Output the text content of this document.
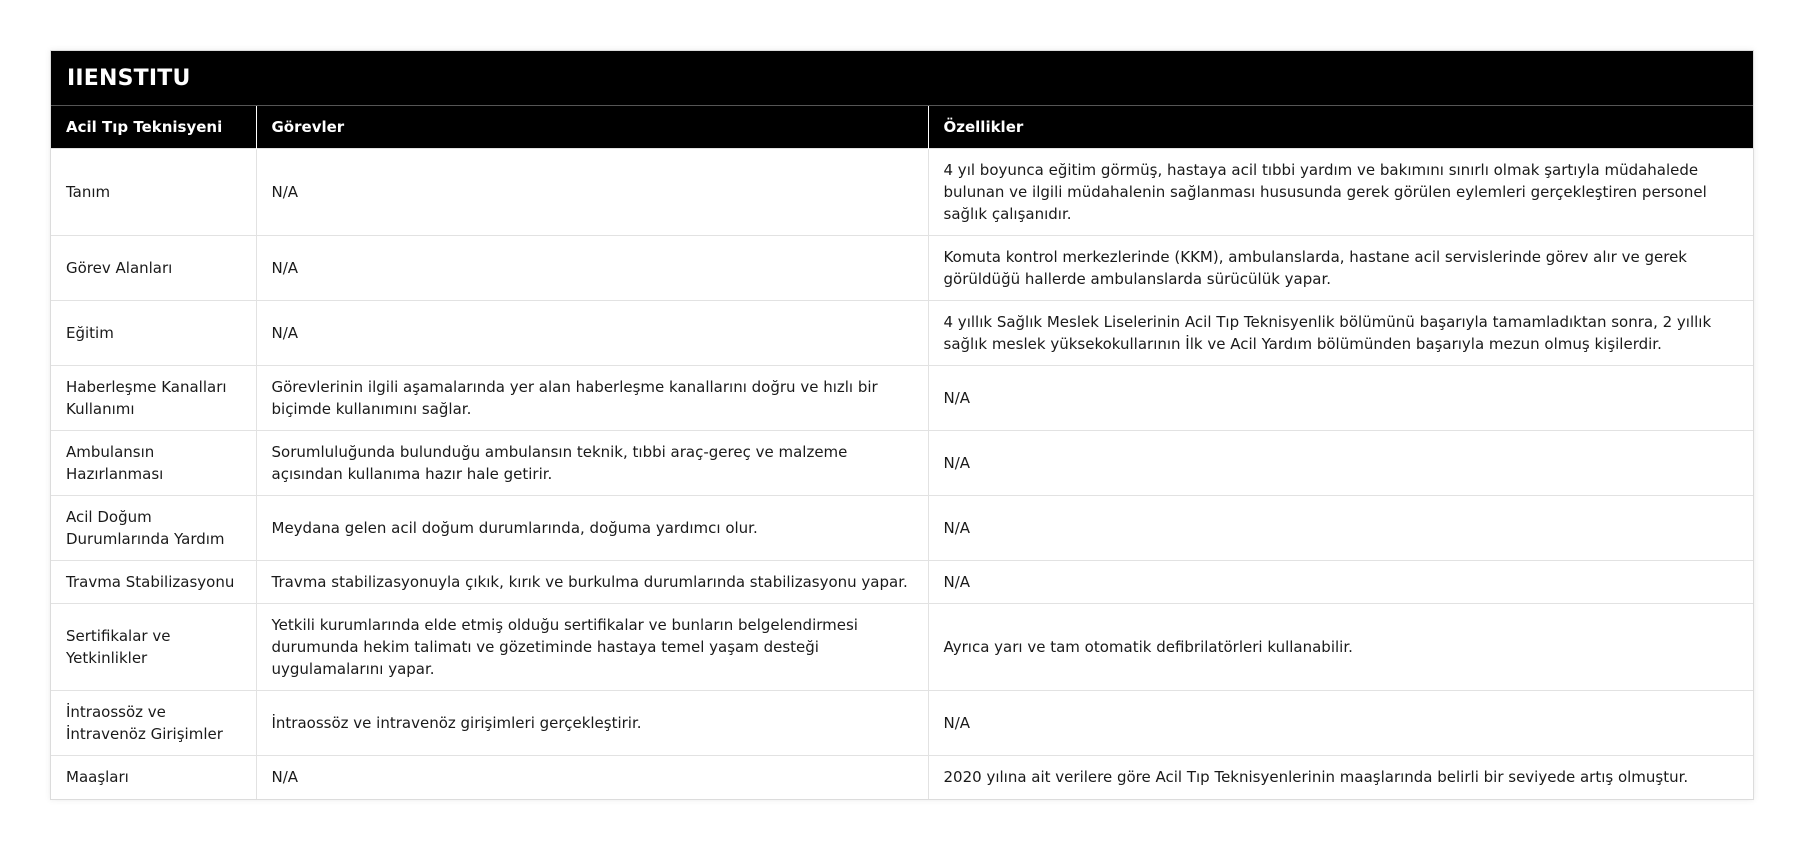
IIENSTITU
Acil Tıp Teknisyeni	Görevler	Özellikler
Tanım	N/A	4 yıl boyunca eğitim görmüş, hastaya acil tıbbi yardım ve bakımını sınırlı olmak şartıyla müdahalede bulunan ve ilgili müdahalenin sağlanması hususunda gerek görülen eylemleri gerçekleştiren personel sağlık çalışanıdır.
Görev Alanları	N/A	Komuta kontrol merkezlerinde (KKM), ambulanslarda, hastane acil servislerinde görev alır ve gerek görüldüğü hallerde ambulanslarda sürücülük yapar.
Eğitim	N/A	4 yıllık Sağlık Meslek Liselerinin Acil Tıp Teknisyenlik bölümünü başarıyla tamamladıktan sonra, 2 yıllık sağlık meslek yüksekokullarının İlk ve Acil Yardım bölümünden başarıyla mezun olmuş kişilerdir.
Haberleşme Kanalları Kullanımı	Görevlerinin ilgili aşamalarında yer alan haberleşme kanallarını doğru ve hızlı bir biçimde kullanımını sağlar.	N/A
Ambulansın Hazırlanması	Sorumluluğunda bulunduğu ambulansın teknik, tıbbi araç-gereç ve malzeme açısından kullanıma hazır hale getirir.	N/A
Acil Doğum Durumlarında Yardım	Meydana gelen acil doğum durumlarında, doğuma yardımcı olur.	N/A
Travma Stabilizasyonu	Travma stabilizasyonuyla çıkık, kırık ve burkulma durumlarında stabilizasyonu yapar.	N/A
Sertifikalar ve Yetkinlikler	Yetkili kurumlarında elde etmiş olduğu sertifikalar ve bunların belgelendirmesi durumunda hekim talimatı ve gözetiminde hastaya temel yaşam desteği uygulamalarını yapar.	Ayrıca yarı ve tam otomatik defibrilatörleri kullanabilir.
İntraossöz ve İntravenöz Girişimler	İntraossöz ve intravenöz girişimleri gerçekleştirir.	N/A
Maaşları	N/A	2020 yılına ait verilere göre Acil Tıp Teknisyenlerinin maaşlarında belirli bir seviyede artış olmuştur.
